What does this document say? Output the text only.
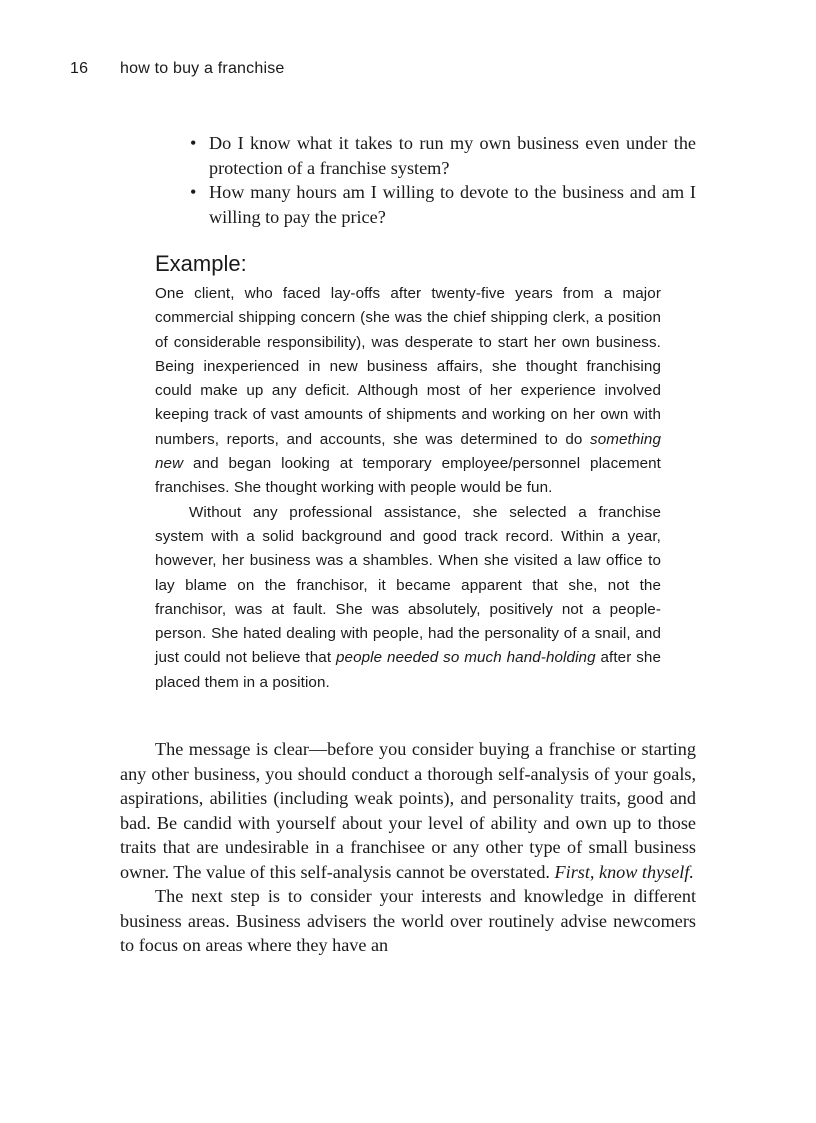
16 how to buy a franchise
• Do I know what it takes to run my own business even under the protection of a franchise system?
• How many hours am I willing to devote to the business and am I willing to pay the price?
Example:

One client, who faced lay-offs after twenty-five years from a major commercial shipping concern (she was the chief shipping clerk, a position of considerable responsibility), was desperate to start her own business. Being inexperienced in new business affairs, she thought franchising could make up any deficit. Although most of her experience involved keeping track of vast amounts of shipments and working on her own with numbers, reports, and accounts, she was determined to do something new and began looking at temporary employee/personnel placement franchises. She thought working with people would be fun.

Without any professional assistance, she selected a franchise system with a solid background and good track record. Within a year, however, her business was a shambles. When she visited a law office to lay blame on the franchisor, it became apparent that she, not the franchisor, was at fault. She was absolutely, positively not a people-person. She hated dealing with people, had the personality of a snail, and just could not believe that people needed so much hand-holding after she placed them in a position.

The message is clear—before you consider buying a franchise or starting any other business, you should conduct a thorough self-analysis of your goals, aspirations, abilities (including weak points), and personality traits, good and bad. Be candid with yourself about your level of ability and own up to those traits that are undesirable in a franchisee or any other type of small business owner. The value of this self-analysis cannot be overstated. First, know thyself.

The next step is to consider your interests and knowledge in different business areas. Business advisers the world over routinely advise newcomers to focus on areas where they have an
